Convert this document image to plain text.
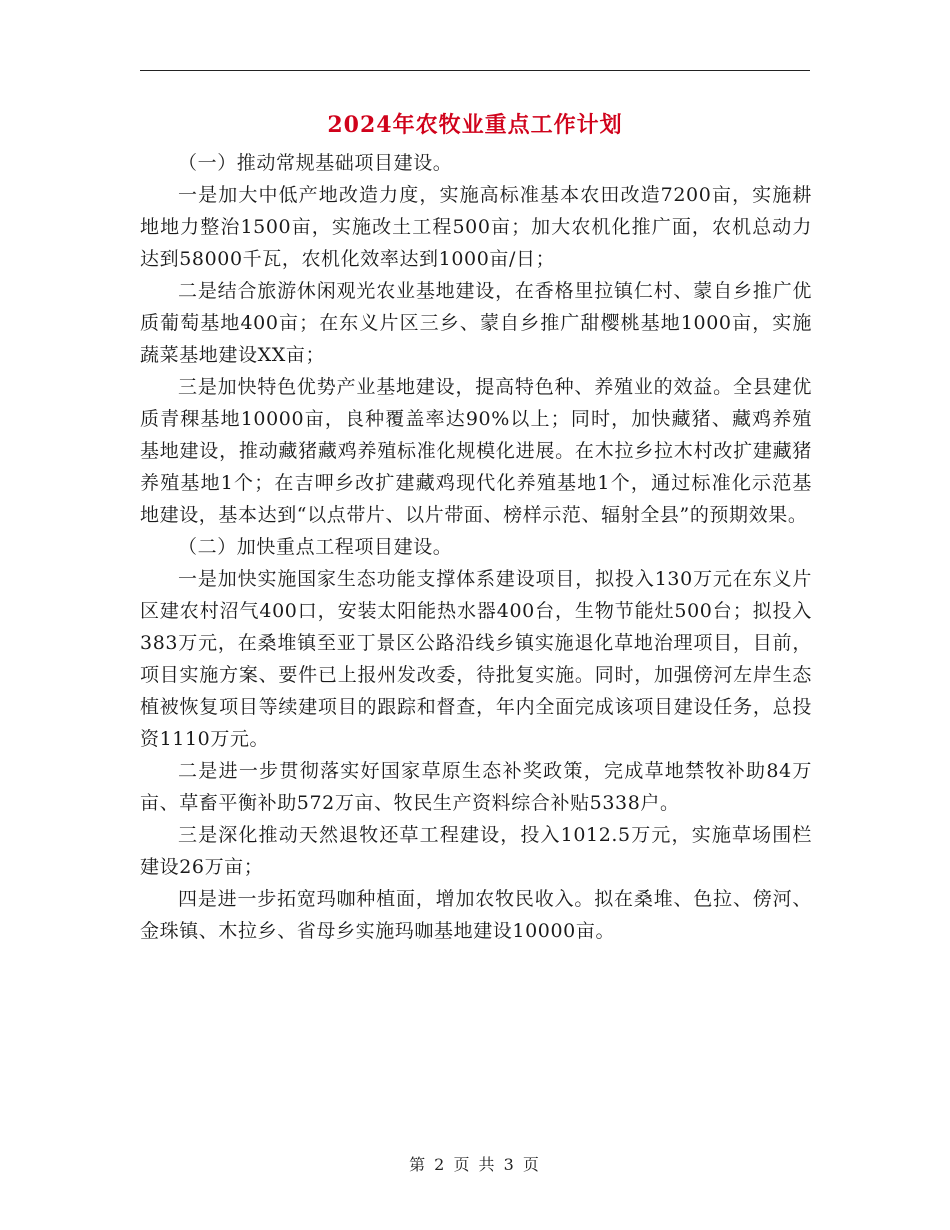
2024年农牧业重点工作计划

（一）推动常规基础项目建设。

一是加大中低产地改造力度，实施高标准基本农田改造7200亩，实施耕地地力整治1500亩，实施改土工程500亩；加大农机化推广面，农机总动力达到58000千瓦，农机化效率达到1000亩/日；

二是结合旅游休闲观光农业基地建设，在香格里拉镇仁村、蒙自乡推广优质葡萄基地400亩；在东义片区三乡、蒙自乡推广甜樱桃基地1000亩，实施蔬菜基地建设XX亩；

三是加快特色优势产业基地建设，提高特色种、养殖业的效益。全县建优质青稞基地10000亩，良种覆盖率达90%以上；同时，加快藏猪、藏鸡养殖基地建设，推动藏猪藏鸡养殖标准化规模化进展。在木拉乡拉木村改扩建藏猪养殖基地1个；在吉呷乡改扩建藏鸡现代化养殖基地1个，通过标准化示范基地建设，基本达到“以点带片、以片带面、榜样示范、辐射全县”的预期效果。

（二）加快重点工程项目建设。

一是加快实施国家生态功能支撑体系建设项目，拟投入130万元在东义片区建农村沼气400口，安装太阳能热水器400台，生物节能灶500台；拟投入383万元，在桑堆镇至亚丁景区公路沿线乡镇实施退化草地治理项目，目前，项目实施方案、要件已上报州发改委，待批复实施。同时，加强傍河左岸生态植被恢复项目等续建项目的跟踪和督查，年内全面完成该项目建设任务，总投资1110万元。

二是进一步贯彻落实好国家草原生态补奖政策，完成草地禁牧补助84万亩、草畜平衡补助572万亩、牧民生产资料综合补贴5338户。

三是深化推动天然退牧还草工程建设，投入1012.5万元，实施草场围栏建设26万亩；

四是进一步拓宽玛咖种植面，增加农牧民收入。拟在桑堆、色拉、傍河、金珠镇、木拉乡、省母乡实施玛咖基地建设10000亩。

第 2 页 共 3 页
